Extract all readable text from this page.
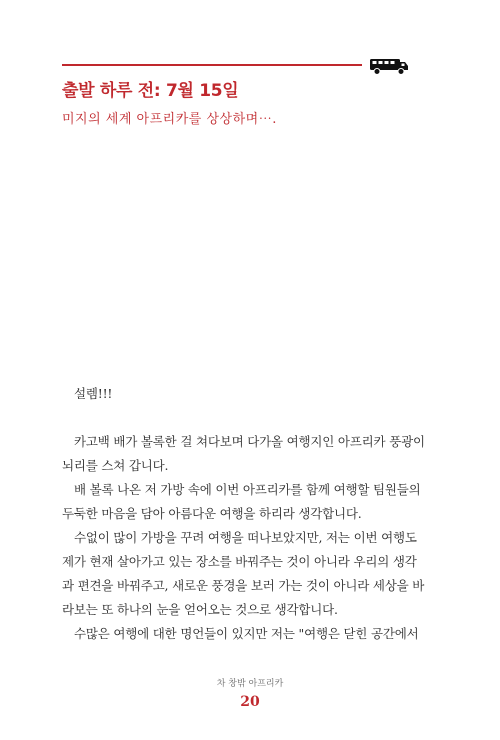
출발 하루 전: 7월 15일

미지의 세계 아프리카를 상상하며⋯.

설렘!!!

카고백 배가 볼록한 걸 쳐다보며 다가올 여행지인 아프리카 풍광이

뇌리를 스쳐 갑니다.

배 볼록 나온 저 가방 속에 이번 아프리카를 함께 여행할 팀원들의

두둑한 마음을 담아 아름다운 여행을 하리라 생각합니다.

수없이 많이 가방을 꾸려 여행을 떠나보았지만, 저는 이번 여행도

제가 현재 살아가고 있는 장소를 바꿔주는 것이 아니라 우리의 생각

과 편견을 바꿔주고, 새로운 풍경을 보러 가는 것이 아니라 세상을 바

라보는 또 하나의 눈을 얻어오는 것으로 생각합니다.

수많은 여행에 대한 명언들이 있지만 저는 "여행은 닫힌 공간에서

차 창밖 아프리카
20
